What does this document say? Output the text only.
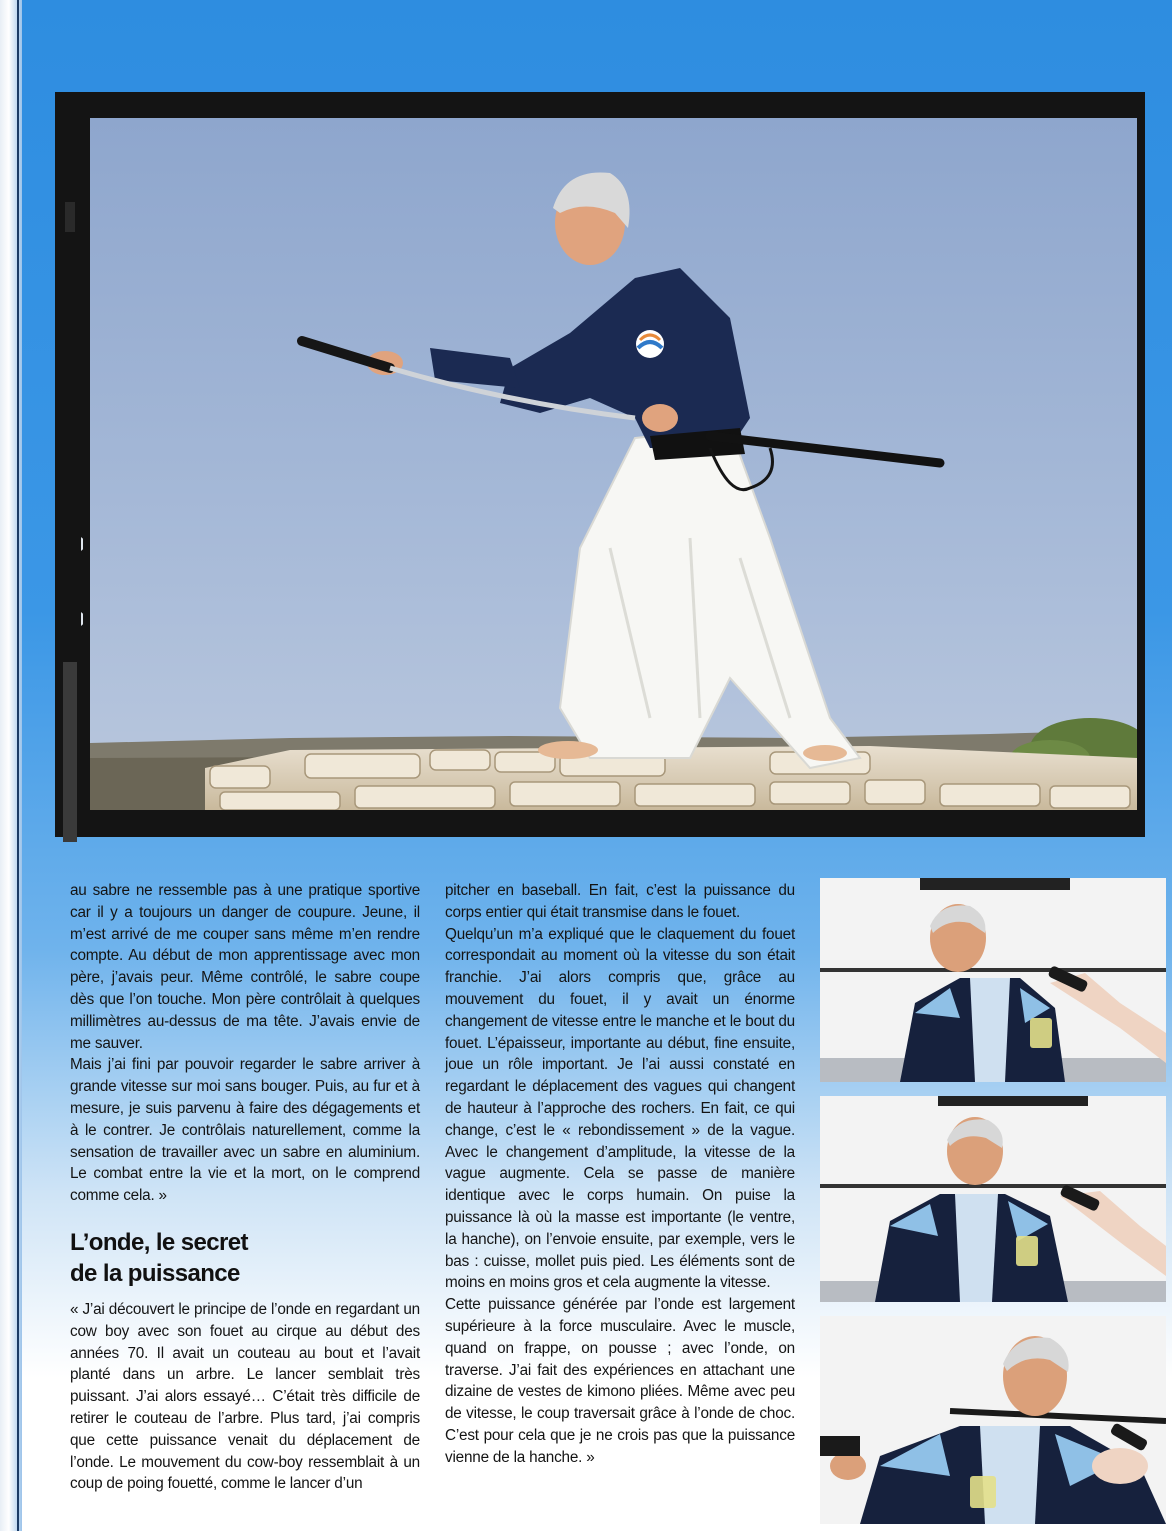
au sabre ne ressemble pas à une pratique sportive car il y a toujours un danger de coupure. Jeune, il m’est arrivé de me couper sans même m’en rendre compte. Au début de mon apprentissage avec mon père, j’avais peur. Même contrôlé, le sabre coupe dès que l’on touche. Mon père contrôlait à quelques millimètres au-dessus de ma tête. J’avais envie de me sauver.

Mais j’ai fini par pouvoir regarder le sabre arriver à grande vitesse sur moi sans bouger. Puis, au fur et à mesure, je suis parvenu à faire des dégagements et à le contrer. Je contrôlais naturellement, comme la sensation de travailler avec un sabre en aluminium. Le combat entre la vie et la mort, on le comprend comme cela. »

L’onde, le secret
de la puissance

« J’ai découvert le principe de l’onde en regardant un cow boy avec son fouet au cirque au début des années 70. Il avait un couteau au bout et l’avait planté dans un arbre. Le lancer semblait très puissant. J’ai alors essayé… C’était très difficile de retirer le couteau de l’arbre. Plus tard, j’ai compris que cette puissance venait du déplacement de l’onde. Le mouvement du cow-boy ressemblait à un coup de poing fouetté, comme le lancer d’un

pitcher en baseball. En fait, c’est la puissance du corps entier qui était transmise dans le fouet.

Quelqu’un m’a expliqué que le claquement du fouet correspondait au moment où la vitesse du son était franchie. J’ai alors compris que, grâce au mouvement du fouet, il y avait un énorme changement de vitesse entre le manche et le bout du fouet. L’épaisseur, importante au début, fine ensuite, joue un rôle important. Je l’ai aussi constaté en regardant le déplacement des vagues qui changent de hauteur à l’approche des rochers. En fait, ce qui change, c’est le « rebondissement » de la vague. Avec le changement d’amplitude, la vitesse de la vague augmente. Cela se passe de manière identique avec le corps humain. On puise la puissance là où la masse est importante (le ventre, la hanche), on l’envoie ensuite, par exemple, vers le bas : cuisse, mollet puis pied. Les éléments sont de moins en moins gros et cela augmente la vitesse.

Cette puissance générée par l’onde est largement supérieure à la force musculaire. Avec le muscle, quand on frappe, on pousse ; avec l’onde, on traverse. J’ai fait des expériences en attachant une dizaine de vestes de kimono pliées. Même avec peu de vitesse, le coup traversait grâce à l’onde de choc. C’est pour cela que je ne crois pas que la puissance vienne de la hanche. »
